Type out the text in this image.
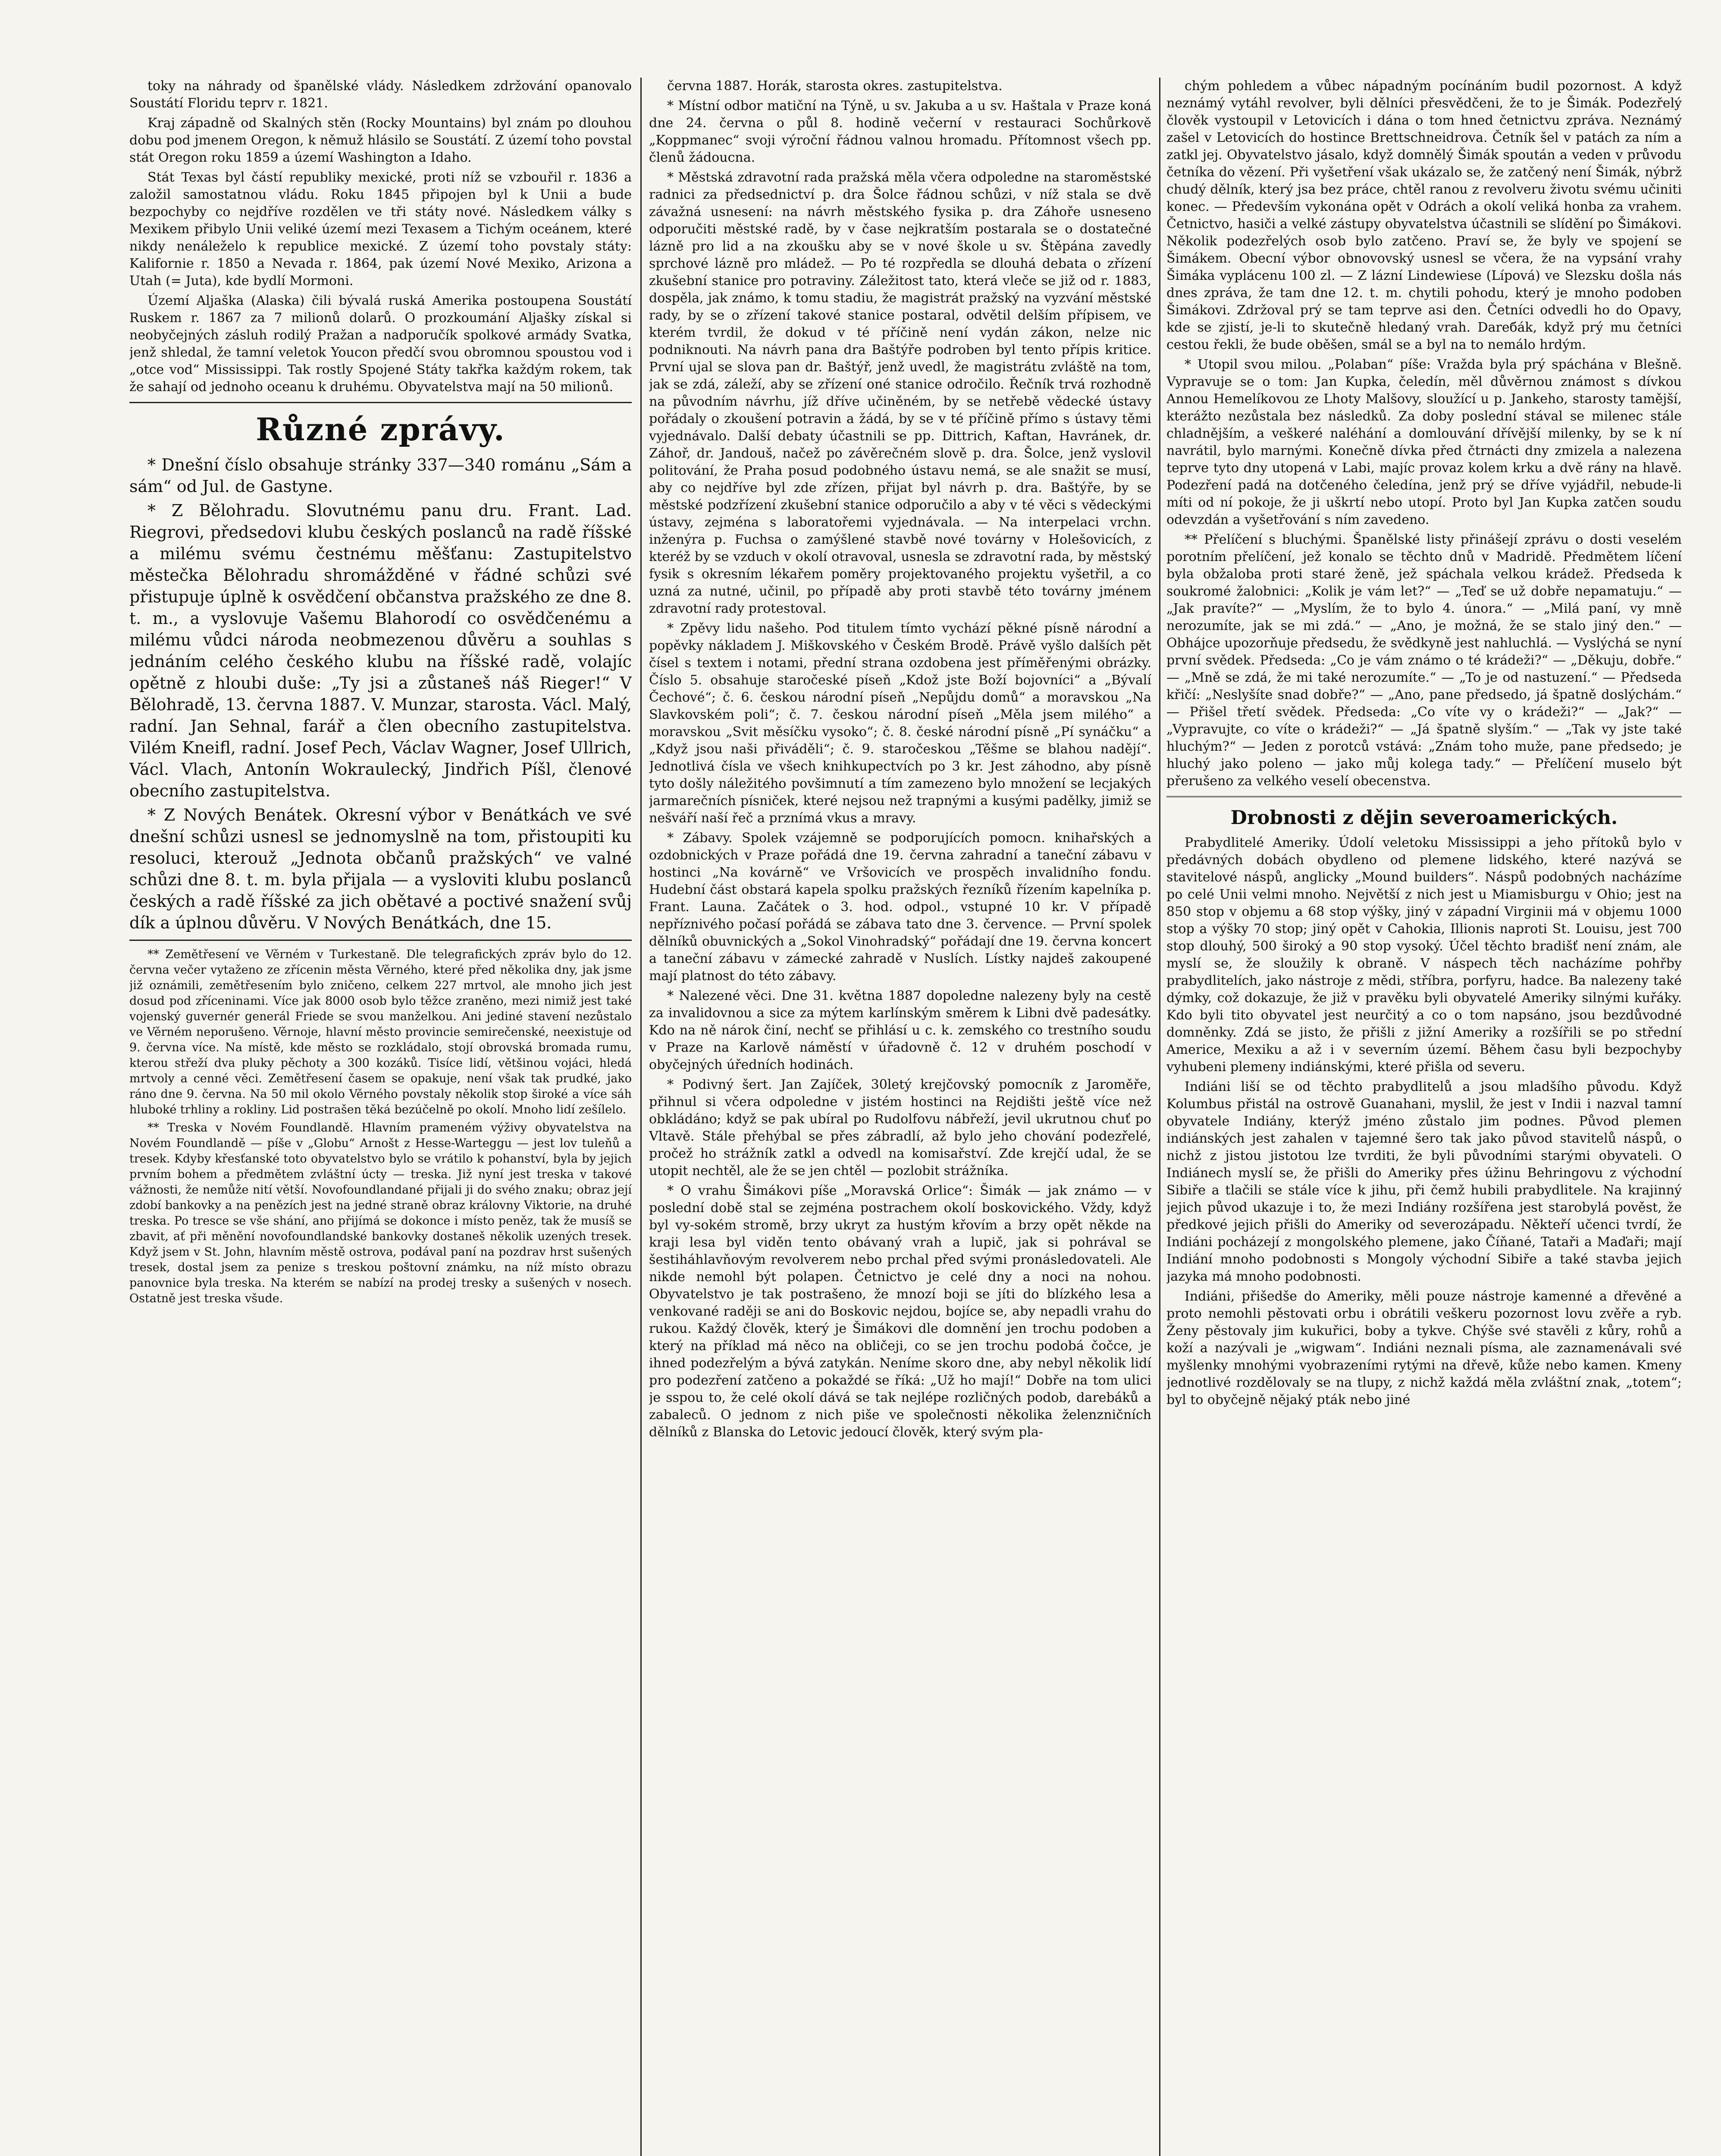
toky na náhrady od španělské vlády. Následkem zdržování opanovalo Soustátí Floridu teprv r. 1821.

Kraj západně od Skalných stěn (Rocky Mountains) byl znám po dlouhou dobu pod jmenem Oregon, k němuž hlásilo se Soustátí. Z území toho povstal stát Oregon roku 1859 a území Washington a Idaho.

Stát Texas byl částí republiky mexické, proti níž se vzbouřil r. 1836 a založil samostatnou vládu. Roku 1845 připojen byl k Unii a bude bezpochyby co nejdříve rozdělen ve tři státy nové. Následkem války s Mexikem přibylo Unii veliké území mezi Texasem a Tichým oceánem, které nikdy nenáleželo k republice mexické. Z území toho povstaly státy: Kalifornie r. 1850 a Nevada r. 1864, pak území Nové Mexiko, Arizona a Utah (= Juta), kde bydlí Mormoni.

Území Aljaška (Alaska) čili bývalá ruská Amerika postoupena Soustátí Ruskem r. 1867 za 7 milionů dolarů. O prozkoumání Aljašky získal si neobyčejných zásluh rodilý Pražan a nadporučík spolkové armády Svatka, jenž shledal, že tamní veletok Youcon předčí svou obromnou spoustou vod i „otce vod“ Mississippi. Tak rostly Spojené Státy takřka každým rokem, tak že sahají od jednoho oceanu k druhému. Obyvatelstva mají na 50 milionů.

Různé zprávy.

* Dnešní číslo obsahuje stránky 337—340 románu „Sám a sám“ od Jul. de Gastyne.

* Z Bělohradu. Slovutnému panu dru. Frant. Lad. Riegrovi, předsedovi klubu českých poslanců na radě říšské a milému svému čestnému měšťanu: Zastupitelstvo městečka Bělohradu shromážděné v řádné schůzi své přistupuje úplně k osvědčení občanstva pražského ze dne 8. t. m., a vyslovuje Vašemu Blahorodí co osvědčenému a milému vůdci národa neobmezenou důvěru a souhlas s jednáním celého českého klubu na říšské radě, volajíc opětně z hloubi duše: „Ty jsi a zůstaneš náš Rieger!“ V Bělohradě, 13. června 1887. V. Munzar, starosta. Václ. Malý, radní. Jan Sehnal, farář a člen obecního zastupitelstva. Vilém Kneifl, radní. Josef Pech, Václav Wagner, Josef Ullrich, Václ. Vlach, Antonín Wokraulecký, Jindřich Píšl, členové obecního zastupitelstva.

* Z Nových Benátek. Okresní výbor v Benátkách ve své dnešní schůzi usnesl se jednomyslně na tom, přistoupiti ku resoluci, kterouž „Jednota občanů pražských“ ve valné schůzi dne 8. t. m. byla přijala — a vysloviti klubu poslanců českých a radě říšské za jich obětavé a poctivé snažení svůj dík a úplnou důvěru. V Nových Benátkách, dne 15.

** Zemětřesení ve Věrném v Turkestaně. Dle telegrafických zpráv bylo do 12. června večer vytaženo ze zřícenin města Věrného, které před několika dny, jak jsme již oznámili, zemětřesením bylo zničeno, celkem 227 mrtvol, ale mnoho jich jest dosud pod zříceninami. Více jak 8000 osob bylo těžce zraněno, mezi nimiž jest také vojenský guvernér generál Friede se svou manželkou. Ani jediné stavení nezůstalo ve Věrném neporušeno. Věrnoje, hlavní město provincie semirečenské, neexistuje od 9. června více. Na místě, kde město se rozkládalo, stojí obrovská bromada rumu, kterou střeží dva pluky pěchoty a 300 kozáků. Tisíce lidí, většinou vojáci, hledá mrtvoly a cenné věci. Zemětřesení časem se opakuje, není však tak prudké, jako ráno dne 9. června. Na 50 mil okolo Věrného povstaly několik stop široké a více sáh hluboké trhliny a rokliny. Lid postrašen těká bezúčelně po okolí. Mnoho lidí zešílelo.

** Treska v Novém Foundlandě. Hlavním prameném výživy obyvatelstva na Novém Foundlandě — píše v „Globu“ Arnošt z Hesse-Warteggu — jest lov tuleňů a tresek. Kdyby křesťanské toto obyvatelstvo bylo se vrátilo k pohanství, byla by jejich prvním bohem a předmětem zvláštní úcty — treska. Již nyní jest treska v takové vážnosti, že nemůže nití větší. Novofoundlandané přijali ji do svého znaku; obraz její zdobí bankovky a na penězích jest na jedné straně obraz královny Viktorie, na druhé treska. Po tresce se vše shání, ano přijímá se dokonce i místo peněz, tak že musíš se zbavit, ať při měnění novofoundlandské bankovky dostaneš několik uzených tresek. Když jsem v St. John, hlavním městě ostrova, podával paní na pozdrav hrst sušených tresek, dostal jsem za penize s treskou poštovní známku, na níž místo obrazu panovnice byla treska. Na kterém se nabízí na prodej tresky a sušených v nosech. Ostatně jest treska všude.

června 1887. Horák, starosta okres. zastupitelstva.

* Místní odbor matiční na Týně, u sv. Jakuba a u sv. Haštala v Praze koná dne 24. června o půl 8. hodině večerní v restauraci Sochůrkově „Koppmanec“ svoji výroční řádnou valnou hromadu. Přítomnost všech pp. členů žádoucna.

* Městská zdravotní rada pražská měla včera odpoledne na staroměstské radnici za předsednictví p. dra Šolce řádnou schůzi, v níž stala se dvě závažná usnesení: na návrh městského fysika p. dra Záhoře usneseno odporučiti městské radě, by v čase nejkratším postarala se o dostatečné lázně pro lid a na zkoušku aby se v nové škole u sv. Štěpána zavedly sprchové lázně pro mládež. — Po té rozpředla se dlouhá debata o zřízení zkušební stanice pro potraviny. Záležitost tato, která vleče se již od r. 1883, dospěla, jak známo, k tomu stadiu, že magistrát pražský na vyzvání městské rady, by se o zřízení takové stanice postaral, odvětil delším přípisem, ve kterém tvrdil, že dokud v té příčině není vydán zákon, nelze nic podniknouti. Na návrh pana dra Baštýře podroben byl tento přípis kritice. První ujal se slova pan dr. Baštýř, jenž uvedl, že magistrátu zvláště na tom, jak se zdá, záleží, aby se zřízení oné stanice odročilo. Řečník trvá rozhodně na původním návrhu, jíž dříve učiněném, by se netřebě vědecké ústavy pořádaly o zkoušení potravin a žádá, by se v té příčině přímo s ústavy těmi vyjednávalo. Další debaty účastnili se pp. Dittrich, Kaftan, Havránek, dr. Záhoř, dr. Jandouš, načež po závěrečném slově p. dra. Šolce, jenž vyslovil politování, že Praha posud podobného ústavu nemá, se ale snažit se musí, aby co nejdříve byl zde zřízen, přijat byl návrh p. dra. Baštýře, by se městské podzřízení zkušební stanice odporučilo a aby v té věci s vědeckými ústavy, zejména s laboratořemi vyjednávala. — Na interpelaci vrchn. inženýra p. Fuchsa o zamýšlené stavbě nové továrny v Holešovicích, z kteréž by se vzduch v okolí otravoval, usnesla se zdravotní rada, by městský fysik s okresním lékařem poměry projektovaného projektu vyšetřil, a co uzná za nutné, učinil, po případě aby proti stavbě této továrny jménem zdravotní rady protestoval.

* Zpěvy lidu našeho. Pod titulem tímto vychází pěkné písně národní a popěvky nákladem J. Miškovského v Českém Brodě. Právě vyšlo dalších pět čísel s textem i notami, přední strana ozdobena jest příměřenými obrázky. Číslo 5. obsahuje staročeské píseň „Kdož jste Boží bojovníci“ a „Bývalí Čechové“; č. 6. českou národní píseň „Nepůjdu domů“ a moravskou „Na Slavkovském poli“; č. 7. českou národní píseň „Měla jsem milého“ a moravskou „Svit měsíčku vysoko“; č. 8. české národní písně „Pí synáčku“ a „Když jsou naši přiváděli“; č. 9. staročeskou „Těšme se blahou nadějí“. Jednotlivá čísla ve všech knihkupectvích po 3 kr. Jest záhodno, aby písně tyto došly náležitého povšimnutí a tím zamezeno bylo množení se lecjakých jarmarečních písniček, které nejsou než trapnými a kusými padělky, jimiž se nešváří naší řeč a prznímá vkus a mravy.

* Zábavy. Spolek vzájemně se podporujících pomocn. knihařských a ozdobnických v Praze pořádá dne 19. června zahradní a taneční zábavu v hostinci „Na kovárně“ ve Vršovicích ve prospěch invalidního fondu. Hudební část obstará kapela spolku pražských řezníků řízením kapelníka p. Frant. Launa. Začátek o 3. hod. odpol., vstupné 10 kr. V případě nepříznivého počasí pořádá se zábava tato dne 3. července. — První spolek dělníků obuvnických a „Sokol Vinohradský“ pořádají dne 19. června koncert a taneční zábavu v zámecké zahradě v Nuslích. Lístky najdeš zakoupené mají platnost do této zábavy.

* Nalezené věci. Dne 31. května 1887 dopoledne nalezeny byly na cestě za invalidovnou a sice za mýtem karlínským směrem k Libni dvě padesátky. Kdo na ně nárok činí, nechť se přihlásí u c. k. zemského co trestního soudu v Praze na Karlově náměstí v úřadovně č. 12 v druhém poschodí v obyčejných úředních hodinách.

* Podivný šert. Jan Zajíček, 30letý krejčovský pomocník z Jaroměře, přihnul si včera odpoledne v jistém hostinci na Rejdišti ještě více než obkládáno; když se pak ubíral po Rudolfovu nábřeží, jevil ukrutnou chuť po Vltavě. Stále přehýbal se přes zábradlí, až bylo jeho chování podezřelé, pročež ho strážník zatkl a odvedl na komisařství. Zde krejčí udal, že se utopit nechtěl, ale že se jen chtěl — pozlobit strážníka.

* O vrahu Šimákovi píše „Moravská Orlice“: Šimák — jak známo — v poslední době stal se zejména postrachem okolí boskovického. Vždy, když byl vy-sokém stromě, brzy ukryt za hustým křovím a brzy opět někde na kraji lesa byl viděn tento obávaný vrah a lupič, jak si pohrával se šestiháhlavňovým revolverem nebo prchal před svými pronásledovateli. Ale nikde nemohl být polapen. Četnictvo je celé dny a noci na nohou. Obyvatelstvo je tak postrašeno, že mnozí boji se jíti do blízkého lesa a venkované raději se ani do Boskovic nejdou, bojíce se, aby nepadli vrahu do rukou. Každý člověk, který je Šimákovi dle domnění jen trochu podoben a který na příklad má něco na obličeji, co se jen trochu podobá čočce, je ihned podezřelým a bývá zatykán. Neníme skoro dne, aby nebyl několik lidí pro podezření zatčeno a pokaždé se říká: „Už ho mají!“ Dobře na tom ulici je sspou to, že celé okolí dává se tak nejlépe rozličných podob, darebáků a zabaleců. O jednom z nich piše ve společnosti několika želenzničních dělníků z Blanska do Letovic jedoucí člověk, který svým pla-

chým pohledem a vůbec nápadným pocínáním budil pozornost. A když neznámý vytáhl revolver, byli dělníci přesvědčeni, že to je Šimák. Podezřelý člověk vystoupil v Letovicích i dána o tom hned četnictvu zpráva. Neznámý zašel v Letovicích do hostince Brettschneidrova. Četník šel v patách za ním a zatkl jej. Obyvatelstvo jásalo, když domnělý Šimák spoután a veden v průvodu četníka do vězení. Při vyšetření však ukázalo se, že zatčený není Šimák, nýbrž chudý dělník, který jsa bez práce, chtěl ranou z revolveru životu svému učiniti konec. — Především vykonána opět v Odrách a okolí veliká honba za vrahem. Četnictvo, hasiči a velké zástupy obyvatelstva účastnili se slídění po Šimákovi. Několik podezřelých osob bylo zatčeno. Praví se, že byly ve spojení se Šimákem. Obecní výbor obnovovský usnesl se včera, že na vypsání vrahy Šimáka vyplácenu 100 zl. — Z lázní Lindewiese (Lípová) ve Slezsku došla nás dnes zpráva, že tam dne 12. t. m. chytili pohodu, který je mnoho podoben Šimákovi. Zdržoval prý se tam teprve asi den. Četníci odvedli ho do Opavy, kde se zjistí, je-li to skutečně hledaný vrah. Dareбák, když prý mu četníci cestou řekli, že bude oběšen, smál se a byl na to nemálo hrdým.

* Utopil svou milou. „Polaban“ píše: Vražda byla prý spáchána v Blešně. Vypravuje se o tom: Jan Kupka, čeledín, měl důvěrnou známost s dívkou Annou Hemelíkovou ze Lhoty Malšovy, sloužící u p. Jankeho, starosty tamější, kterážto nezůstala bez následků. Za doby poslední stával se milenec stále chladnějším, a veškeré naléhání a domlouvání dřívější milenky, by se k ní navrátil, bylo marnými. Konečně dívka před čtrnácti dny zmizela a nalezena teprve tyto dny utopená v Labi, majíc provaz kolem krku a dvě rány na hlavě. Podezření padá na dotčeného čeledína, jenž prý se dříve vyjádřil, nebude-li míti od ní pokoje, že ji uškrtí nebo utopí. Proto byl Jan Kupka zatčen soudu odevzdán a vyšetřování s ním zavedeno.

** Přelíčení s bluchými. Španělské listy přinášejí zprávu o dosti veselém porotním přelíčení, jež konalo se těchto dnů v Madridě. Předmětem líčení byla obžaloba proti staré ženě, jež spáchala velkou krádež. Předseda k soukromé žalobnici: „Kolik je vám let?“ — „Teď se už dobře nepamatuju.“ — „Jak pravíte?“ — „Myslím, že to bylo 4. února.“ — „Milá paní, vy mně nerozumíte, jak se mi zdá.“ — „Ano, je možná, že se stalo jiný den.“ — Obhájce upozorňuje předsedu, že svědkyně jest nahluchlá. — Vyslýchá se nyní první svědek. Předseda: „Co je vám známo o té krádeži?“ — „Děkuju, dobře.“ — „Mně se zdá, že mi také nerozumíte.“ — „To je od nastuzení.“ — Předseda křičí: „Neslyšíte snad dobře?“ — „Ano, pane předsedo, já špatně doslýchám.“ — Přišel třetí svědek. Předseda: „Co víte vy o krádeži?“ — „Jak?“ — „Vypravujte, co víte o krádeži?“ — „Já špatně slyším.“ — „Tak vy jste také hluchým?“ — Jeden z porotců vstává: „Znám toho muže, pane předsedo; je hluchý jako poleno — jako můj kolega tady.“ — Přelíčení muselo být přerušeno za velkého veselí obecenstva.

Drobnosti z dějin severoamerických.

Prabydlitelé Ameriky. Údolí veletoku Mississippi a jeho přítoků bylo v předávných dobách obydleno od plemene lidského, které nazývá se stavitelové náspů, anglicky „Mound builders“. Náspů podobných nacházíme po celé Unii velmi mnoho. Největší z nich jest u Miamisburgu v Ohio; jest na 850 stop v objemu a 68 stop výšky, jiný v západní Virginii má v objemu 1000 stop a výšky 70 stop; jiný opět v Cahokia, Illionis naproti St. Louisu, jest 700 stop dlouhý, 500 široký a 90 stop vysoký. Účel těchto bradišť není znám, ale myslí se, že sloužily k obraně. V náspech těch nacházíme pohřby prabydlitelích, jako nástroje z mědi, stříbra, porfyru, hadce. Ba nalezeny také dýmky, což dokazuje, že již v pravěku byli obyvatelé Ameriky silnými kuřáky. Kdo byli tito obyvatel jest neurčitý a co o tom napsáno, jsou bezdůvodné domněnky. Zdá se jisto, že přišli z jižní Ameriky a rozšířili se po střední Americe, Mexiku a až i v severním území. Během času byli bezpochyby vyhubeni plemeny indiánskými, které přišla od severu.

Indiáni liší se od těchto prabydlitelů a jsou mladšího původu. Když Kolumbus přistál na ostrově Guanahani, myslil, že jest v Indii i nazval tamní obyvatele Indiány, kterýž jméno zůstalo jim podnes. Původ plemen indiánských jest zahalen v tajemné šero tak jako původ stavitelů náspů, o nichž z jistou jistotou lze tvrditi, že byli původními starými obyvateli. O Indiánech myslí se, že přišli do Ameriky přes úžinu Behringovu z východní Sibiře a tlačili se stále více k jihu, při čemž hubili prabydlitele. Na krajinný jejich původ ukazuje i to, že mezi Indiány rozšířena jest starobylá pověst, že předkové jejich přišli do Ameriky od severozápadu. Někteří učenci tvrdí, že Indiáni pocházejí z mongolského plemene, jako Číňané, Tataři a Maďaři; mají Indiání mnoho podobnosti s Mongoly východní Sibiře a také stavba jejich jazyka má mnoho podobnosti.

Indiáni, přišedše do Ameriky, měli pouze nástroje kamenné a dřevěné a proto nemohli pěstovati orbu i obrátili veškeru pozornost lovu zvěře a ryb. Ženy pěstovaly jim kukuřici, boby a tykve. Chýše své stavěli z kůry, rohů a koží a nazývali je „wigwam“. Indiáni neznali písma, ale zaznamenávali své myšlenky mnohými vyobrazeními rytými na dřevě, kůže nebo kamen. Kmeny jednotlivé rozdělovaly se na tlupy, z nichž každá měla zvláštní znak, „totem“; byl to obyčejně nějaký pták nebo jiné
